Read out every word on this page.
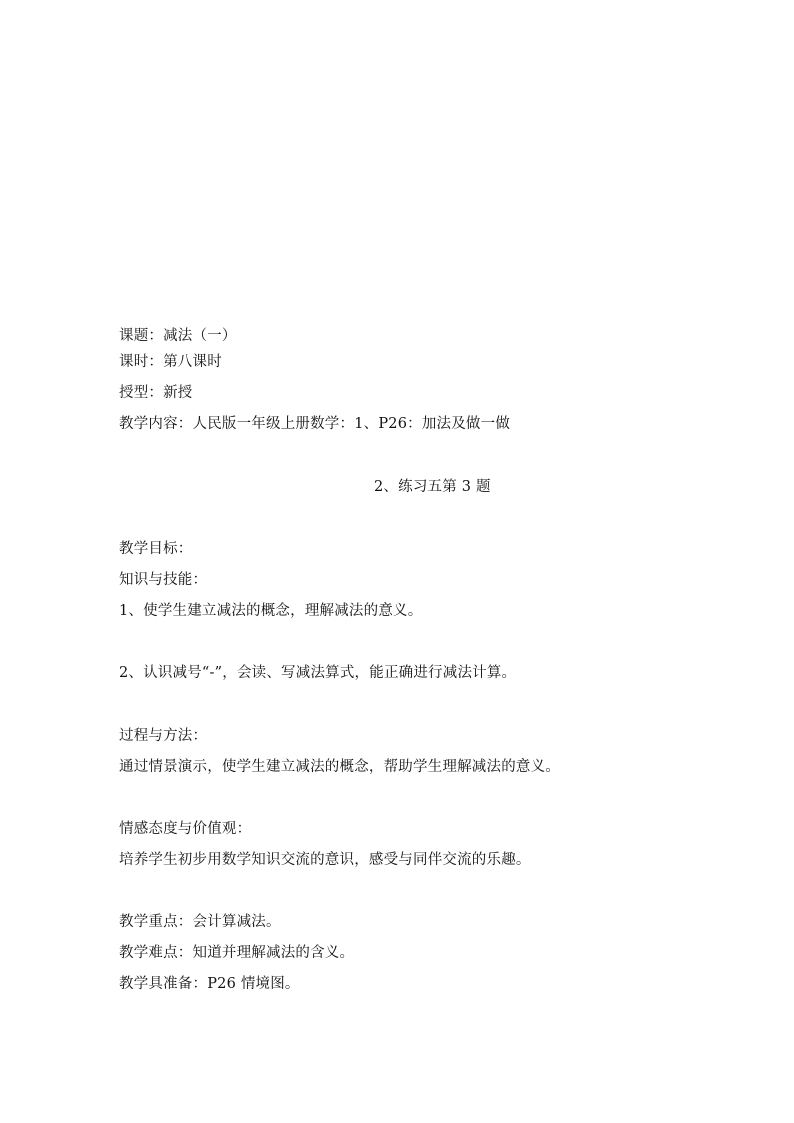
课题：减法（一）
课时：第八课时
授型：新授
教学内容：人民版一年级上册数学：1、P26：加法及做一做
2、练习五第 3 题
教学目标：
知识与技能：
1、使学生建立减法的概念，理解减法的意义。
2、认识减号“-”，会读、写减法算式，能正确进行减法计算。
过程与方法：
通过情景演示，使学生建立减法的概念，帮助学生理解减法的意义。
情感态度与价值观：
培养学生初步用数学知识交流的意识，感受与同伴交流的乐趣。
教学重点：会计算减法。
教学难点：知道并理解减法的含义。
教学具准备：P26 情境图。
